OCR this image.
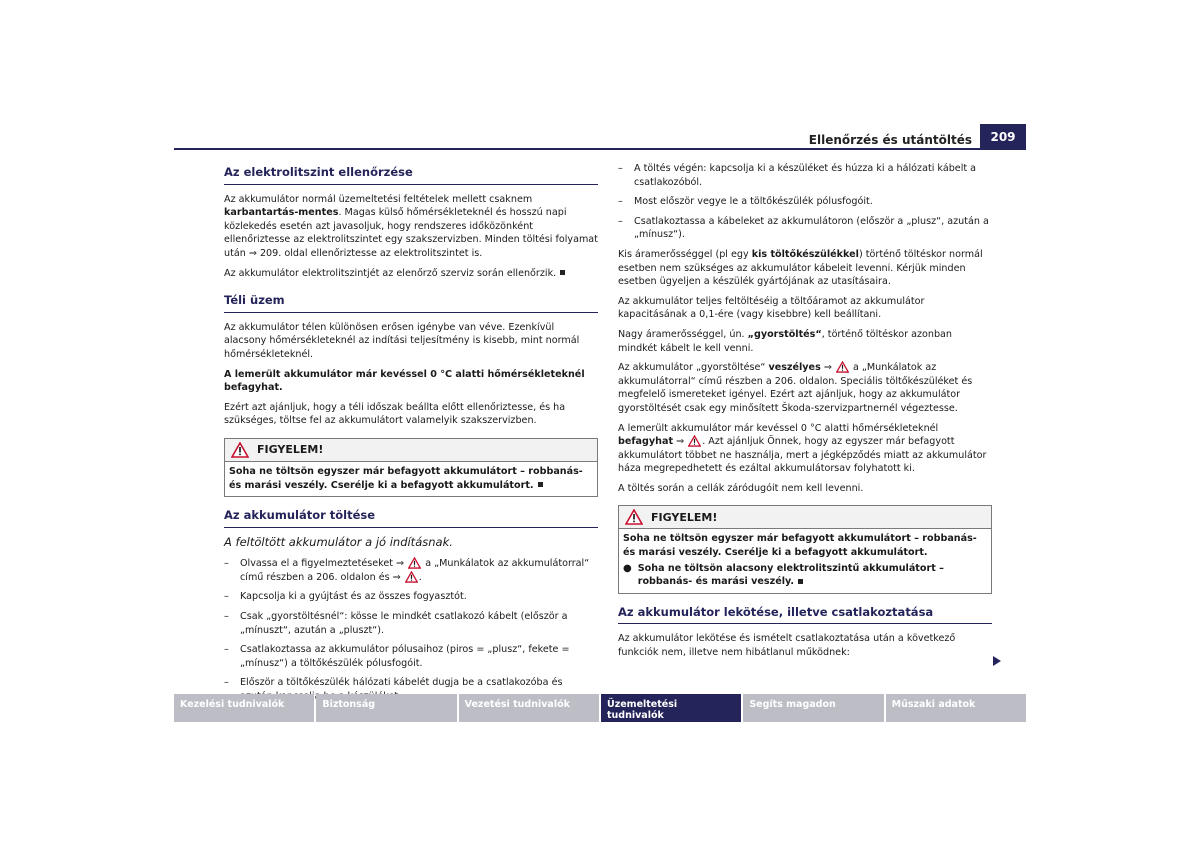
Ellenőrzés és utántöltés	209
Az elektrolitszint ellenőrzése

Az akkumulátor normál üzemeltetési feltételek mellett csaknem karbantartás-mentes. Magas külső hőmérsékleteknél és hosszú napi közlekedés esetén azt javasoljuk, hogy rendszeres időközönként ellenőriztesse az elektrolitszintet egy szakszervizben. Minden töltési folyamat után ⇒ 209. oldal ellenőriztesse az elektrolitszintet is.

Az akkumulátor elektrolitszintjét az elenőrző szerviz során ellenőrzik.

Téli üzem

Az akkumulátor télen különösen erősen igénybe van véve. Ezenkívül alacsony hőmérsékleteknél az indítási teljesítmény is kisebb, mint normál hőmérsékleteknél.

A lemerült akkumulátor már kevéssel 0 °C alatti hőmérsékleteknél befagyhat.

Ezért azt ajánljuk, hogy a téli időszak beállta előtt ellenőriztesse, és ha szükséges, töltse fel az akkumulátort valamelyik szakszervizben.

FIGYELEM!

Soha ne töltsön egyszer már befagyott akkumulátort – robbanás- és marási veszély. Cserélje ki a befagyott akkumulátort.

Az akkumulátor töltése
A feltöltött akkumulátor a jó indításnak.
– Olvassa el a figyelmeztetéseket ⇒ a „Munkálatok az akkumulátorral“ című részben a 206. oldalon és ⇒ .
– Kapcsolja ki a gyújtást és az összes fogyasztót.
– Csak „gyorstöltésnél“: kösse le mindkét csatlakozó kábelt (először a „mínuszt“, azután a „pluszt“).
– Csatlakoztassa az akkumulátor pólusaihoz (piros = „plusz“, fekete = „mínusz“) a töltőkészülék pólusfogóit.
– Először a töltőkészülék hálózati kábelét dugja be a csatlakozóba és
– A töltés végén: kapcsolja ki a készüléket és húzza ki a hálózati kábelt a csatlakozóból.
– Most először vegye le a töltőkészülék pólusfogóit.
– Csatlakoztassa a kábeleket az akkumulátoron (először a „plusz“, azután a „mínusz“).

Kis áramerősséggel (pl egy kis töltőkészülékkel) történő töltéskor normál esetben nem szükséges az akkumulátor kábeleit levenni. Kérjük minden esetben ügyeljen a készülék gyártójának az utasításaira.

Az akkumulátor teljes feltöltéséig a töltőáramot az akkumulátor kapacitásának a 0,1-ére (vagy kisebbre) kell beállítani.

Nagy áramerősséggel, ún. „gyorstöltés“, történő töltéskor azonban mindkét kábelt le kell venni.

Az akkumulátor „gyorstöltése“ veszélyes ⇒ a „Munkálatok az akkumulátorral“ című részben a 206. oldalon. Speciális töltőkészüléket és megfelelő ismereteket igényel. Ezért azt ajánljuk, hogy az akkumulátor gyorstöltését csak egy minősített Škoda-szervizpartnernél végeztesse.

A lemerült akkumulátor már kevéssel 0 °C alatti hőmérsékleteknél befagyhat ⇒ . Azt ajánljuk Önnek, hogy az egyszer már befagyott akkumulátort többet ne használja, mert a jégképződés miatt az akkumulátor háza megrepedhetett és ezáltal akkumulátorsav folyhatott ki.

A töltés során a cellák záródugóit nem kell levenni.

FIGYELEM!

Soha ne töltsön egyszer már befagyott akkumulátort – robbanás- és marási veszély. Cserélje ki a befagyott akkumulátort.

● Soha ne töltsön alacsony elektrolitszintű akkumulátort – robbanás- és marási veszély.
Az akkumulátor lekötése, illetve csatlakoztatása

Az akkumulátor lekötése és ismételt csatlakoztatása után a következő funkciók nem, illetve nem hibátlanul működnek:

Kezelési tudnivalók	Biztonság	Vezetési tudnivalók	Üzemeltetési tudnivalók
Segíts magadon	Műszaki adatok
